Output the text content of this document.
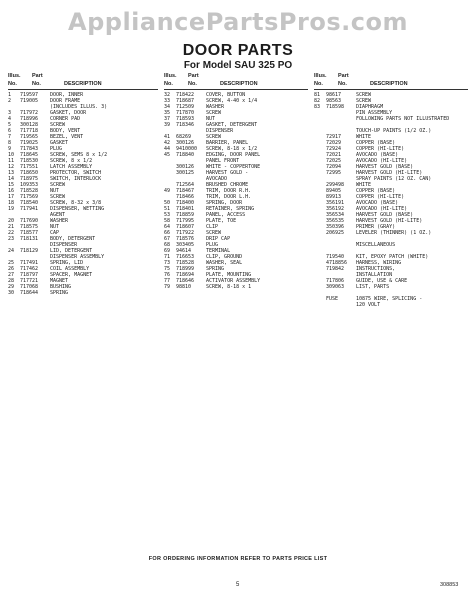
AppliancePartsPros.com
DOOR PARTS
For Model SAU 325 PO
Illus. Part
No.	No.	DESCRIPTION
1	719597	DOOR, INNER
2	719005	DOOR FRAME
(INCLUDES ILLUS. 3)
3	717972	GASKET, DOOR
4	718996	CORNER PAD
5	300128	SCREW
6	717718	BODY, VENT
7	719565	BEZEL, VENT
8	719025	GASKET
9	717843	PLUG
10	718645	SCREW, SEMS 8 x 1/2
11	718530	SCREW, 8 x 1/2
12	717551	LATCH ASSEMBLY
13	718650	PROTECTOR, SWITCH
14	718975	SWITCH, INTERLOCK
15	109353	SCREW
16	718528	NUT
17	717569	SCREW
18	718540	SCREW, 8-32 x 3/8
19	717941	DISPENSER, WETTING
AGENT
20	717690	WASHER
21	718575	NUT
22	718577	CAP
23	718131	BODY, DETERGENT
DISPENSER
24	718129	LID, DETERGENT
DISPENSER ASSEMBLY
25	717491	SPRING, LID
26	717462	COIL ASSEMBLY
27	718797	SPACER, MAGNET
28	717721	MAGNET
29	717068	BUSHING
30	718644	SPRING
Illus. Part
No.	No.	DESCRIPTION
32	718422	COVER, BUTTON
33	718687	SCREW, 4-40 x 1/4
34	712509	WASHER
35	717870	SCREW
37	718593	NUT
39	718346	GASKET, DETERGENT
DISPENSER
41	68269	SCREW
42	300126	BARRIER, PANEL
44	9410000	SCREW, 8-18 x 1/2
45	718840	EDGING, DOOR PANEL
PANEL FRONT
300126	WHITE - COPPERTONE
300125	HARVEST GOLD -
AVOCADO
712564	BRUSHED CHROME
49	718467	TRIM, DOOR R.H.
718466	TRIM, DOOR L.H.
50	718400	SPRING, DOOR
51	718401	RETAINER, SPRING
53	718859	PANEL, ACCESS
58	717995	PLATE, TOE
64	718607	CLIP
66	717922	SCREW
67	718576	DRIP CAP
68	303405	PLUG
69	94614	TERMINAL
71	716653	CLIP, GROUND
73	718528	WASHER, SEAL
75	718999	SPRING
76	718694	PLATE, MOUNTING
77	718646	ACTIVATOR ASSEMBLY
79	98810	SCREW, 8-18 x 1
Illus. Part
No.	No.	DESCRIPTION
81	98617	SCREW
82	98563	SCREW
83	718598	DIAPHRAGM
PIN ASSEMBLY
FOLLOWING PARTS NOT ILLUSTRATED
TOUCH-UP PAINTS (1/2 OZ.)
72917	WHITE
72029	COPPER (BASE)
72924	COPPER (HI-LITE)
72021	AVOCADO (BASE)
72025	AVOCADO (HI-LITE)
72094	HARVEST GOLD (BASE)
72995	HARVEST GOLD (HI-LITE)
SPRAY PAINTS (12 OZ. CAN)
299498	WHITE
89405	COPPER (BASE)
89913	COPPER (HI-LITE)
356191	AVOCADO (BASE)
356192	AVOCADO (HI-LITE)
356534	HARVEST GOLD (BASE)
356535	HARVEST GOLD (HI-LITE)
350396	PRIMER (GRAY)
206925	LEVELER (THINNER) (1 OZ.)
MISCELLANEOUS
719540	KIT, EPOXY PATCH (WHITE)
4718856	HARNESS, WIRING
719842	INSTRUCTIONS,
INSTALLATION
717806	GUIDE, USE & CARE
309063	LIST, PARTS
FUSE	10875 WIRE, SPLICING -
120 VOLT
FOR ORDERING INFORMATION REFER TO PARTS PRICE LIST
5	308853
